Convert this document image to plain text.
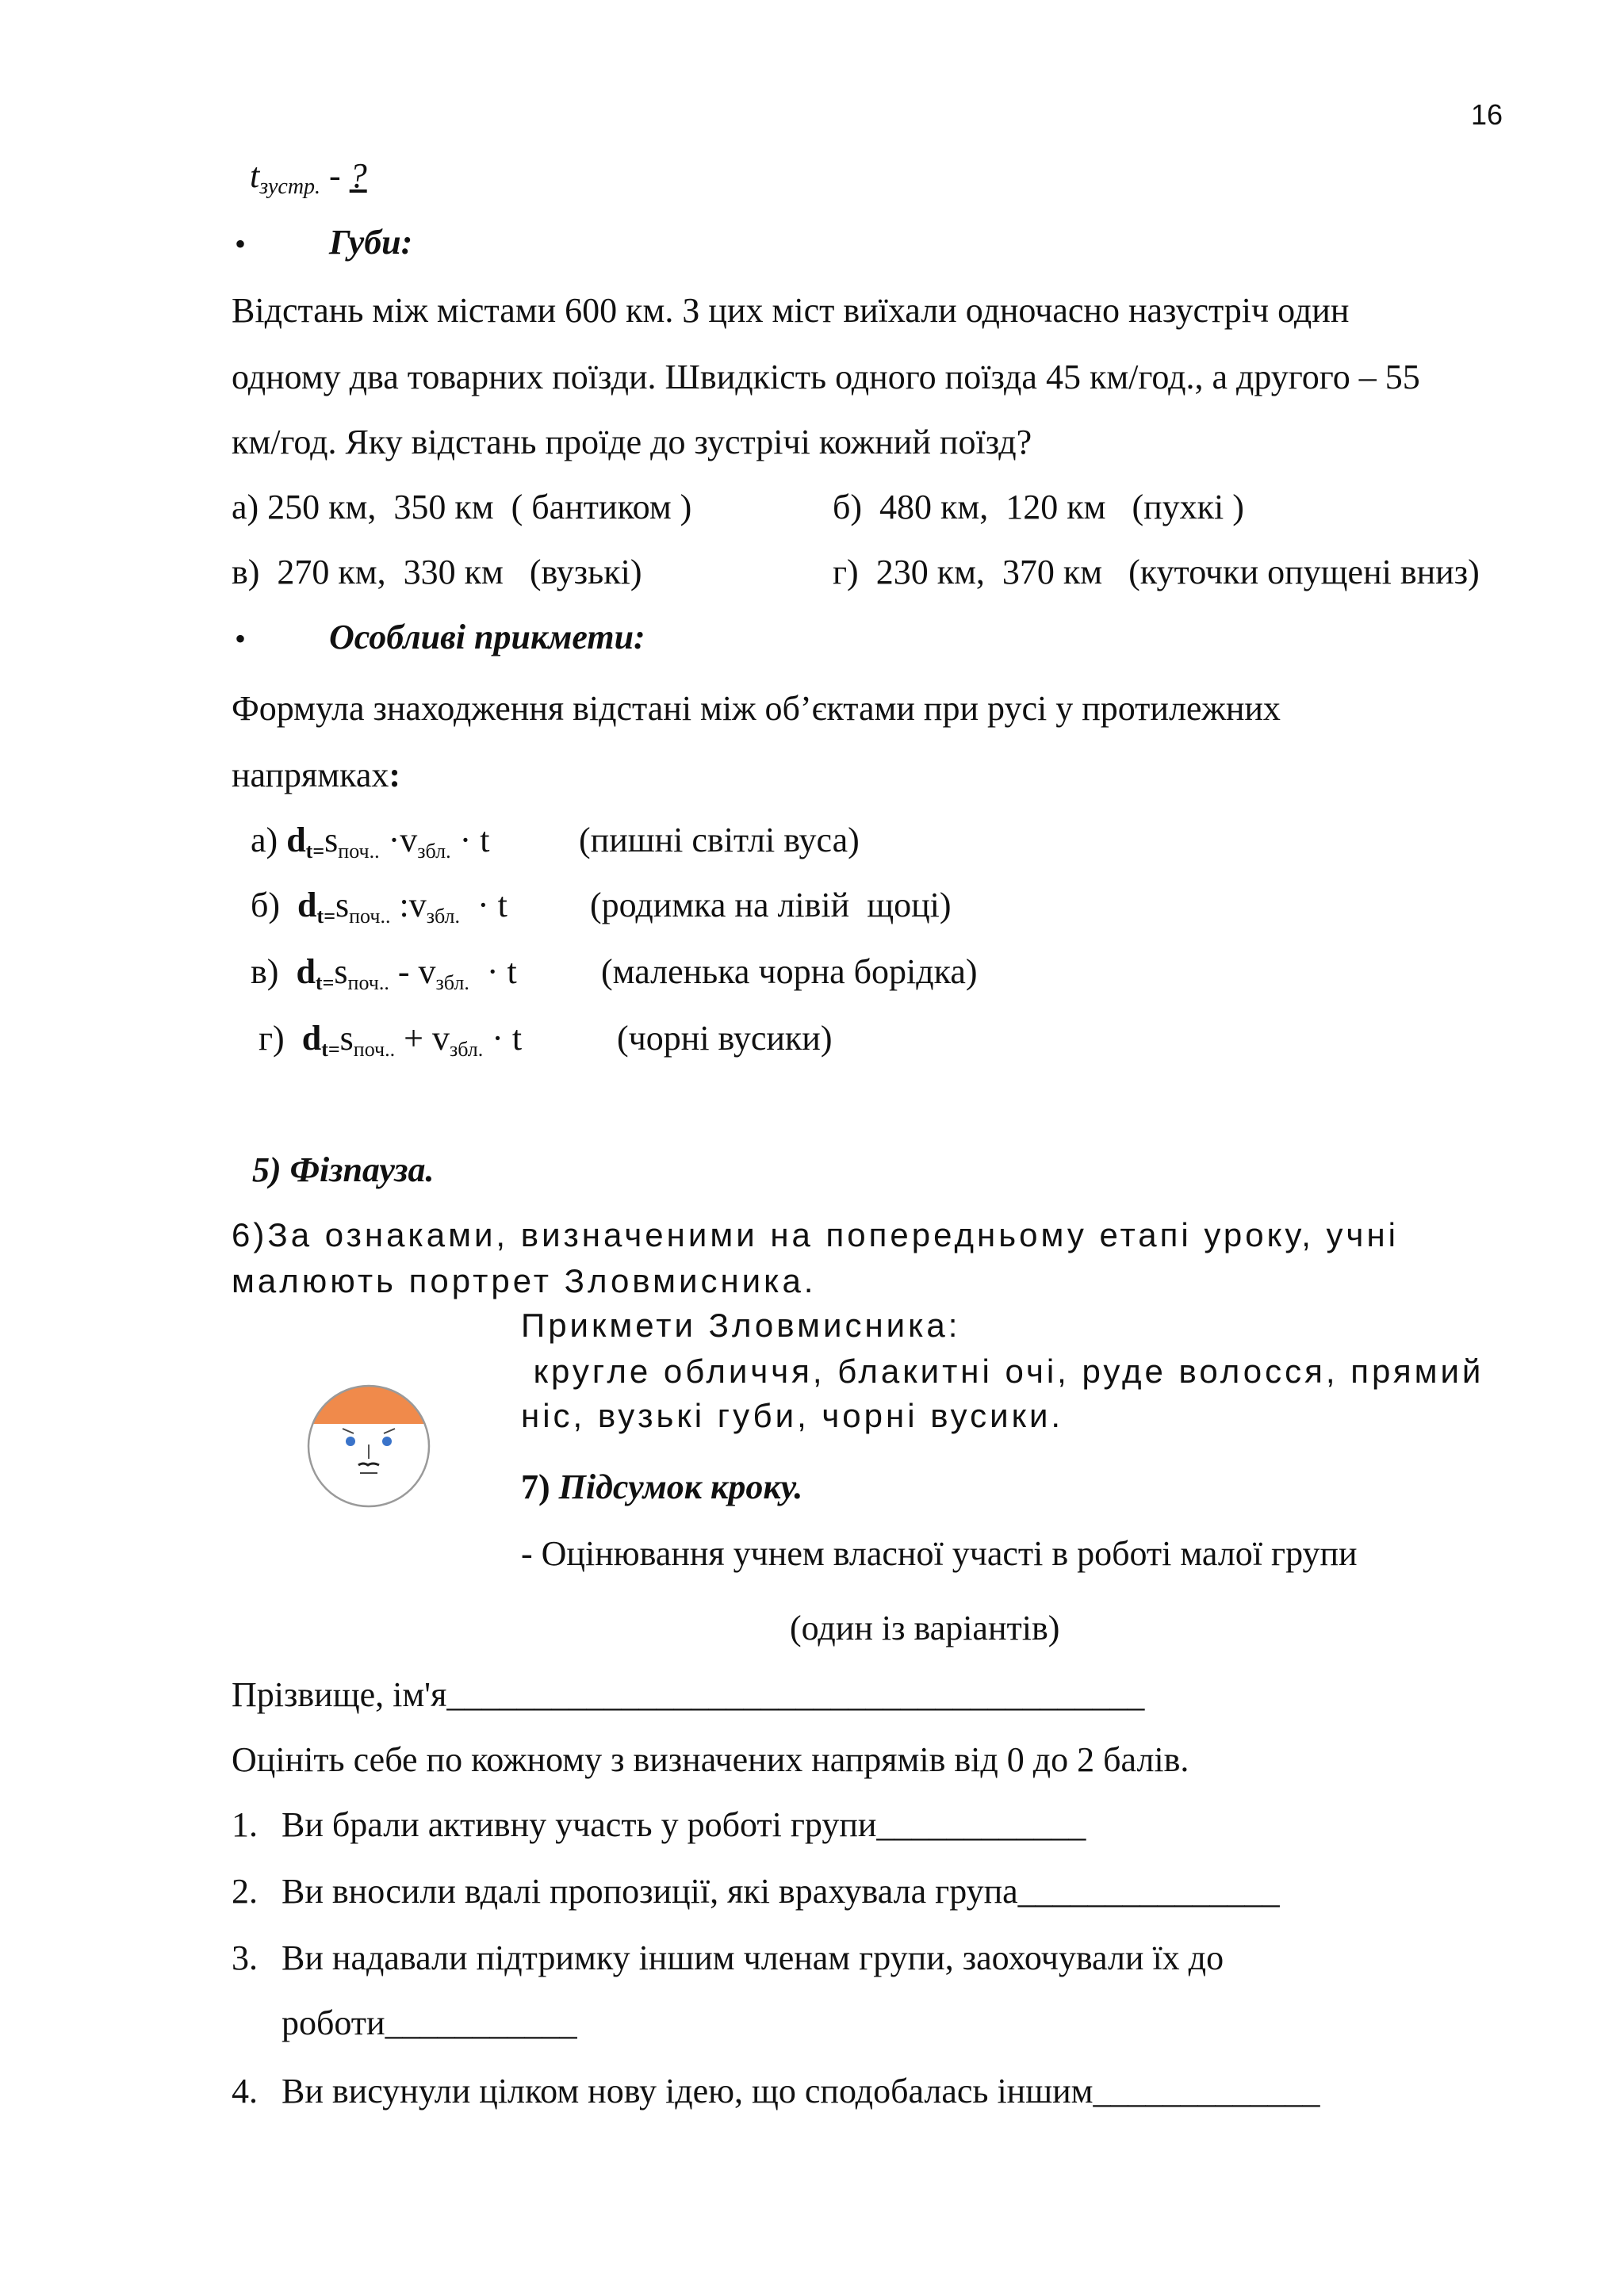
16
$t_{зустр.}$ - ?
• Губи:
Відстань між містами 600 км. З цих міст виїхали одночасно назустріч один
одному два товарних поїзди. Швидкість одного поїзда 45 км/год., а другого – 55
км/год. Яку відстань проїде до зустрічі кожний поїзд?
а) 250 км,  350 км  ( бантиком )	б)  480 км,  120 км   (пухкі )
в)  270 км,  330 км   (вузькі)	г)  230 км,  370 км   (куточки опущені вниз)
• Особливі прикмети:
Формула знаходження відстані між об’єктами при русі у протилежних
напрямках:
а) $d_{t=}s_{поч..} \cdot v_{збл.} \cdot t$	(пишні світлі вуса)
б)  $d_{t=}s_{поч..}$ $:v_{збл.} \cdot t$ (родимка на лівій  щоці)
в)  $d_{t=}s_{поч..} - v_{збл.} \cdot t$ (маленька чорна борідка)
г)  $d_{t=}s_{поч..} + v_{збл.} \cdot t$	(чорні вусики)
5) Фізпауза.
6)За ознаками, визначеними на попередньому етапі уроку, учні
малюють портрет Зловмисника.
Прикмети Зловмисника:
кругле обличчя, блакитні очі, руде волосся, прямий
ніс, вузькі губи, чорні вусики.
7) Підсумок кроку.
- Оцінювання учнем власної участі в роботі малої групи
(один із варіантів)
Прізвище, ім'я________________________________________
Оцініть себе по кожному з визначених напрямів від 0 до 2 балів.
1. Ви брали активну участь у роботі групи____________
2. Ви вносили вдалі пропозиції, які врахувала група_______________
3. Ви надавали підтримку іншим членам групи, заохочували їх до
роботи___________
4. Ви висунули цілком нову ідею, що сподобалась іншим_____________
